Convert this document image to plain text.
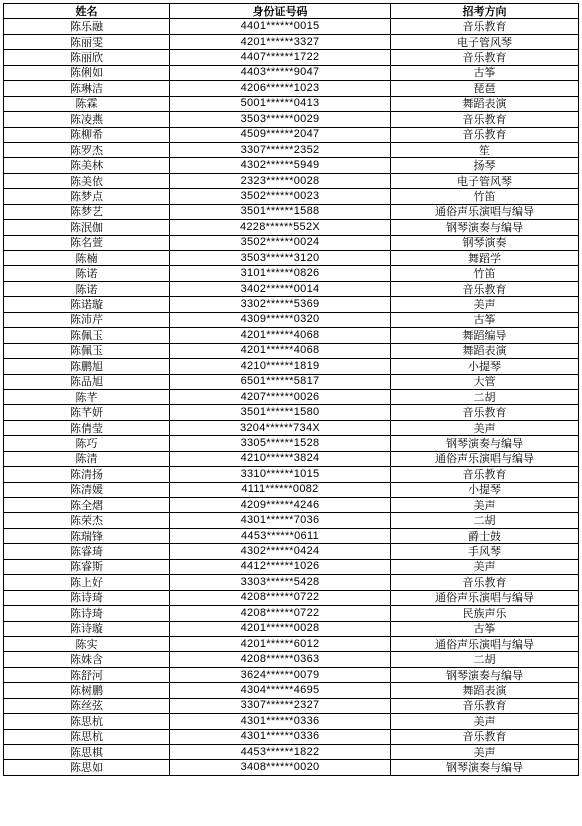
姓名	身份证号码	招考方向
陈乐融	4401******0015	音乐教育
陈丽雯	4201******3327	电子管风琴
陈丽欣	4407******1722	音乐教育
陈俐如	4403******9047	古筝
陈琳洁	4206******1023	琵琶
陈霖	5001******0413	舞蹈表演
陈凌燕	3503******0029	音乐教育
陈柳希	4509******2047	音乐教育
陈罗杰	3307******2352	笙
陈美林	4302******5949	扬琴
陈美依	2323******0028	电子管风琴
陈梦点	3502******0023	竹笛
陈梦艺	3501******1588	通俗声乐演唱与编导
陈泯伽	4228******552X	钢琴演奏与编导
陈名萱	3502******0024	钢琴演奏
陈楠	3503******3120	舞蹈学
陈诺	3101******0826	竹笛
陈诺	3402******0014	音乐教育
陈诺璇	3302******5369	美声
陈沛芹	4309******0320	古筝
陈佩玉	4201******4068	舞蹈编导
陈佩玉	4201******4068	舞蹈表演
陈鹏旭	4210******1819	小提琴
陈品旭	6501******5817	大管
陈芊	4207******0026	二胡
陈芊妍	3501******1580	音乐教育
陈倩莹	3204******734X	美声
陈巧	3305******1528	钢琴演奏与编导
陈清	4210******3824	通俗声乐演唱与编导
陈清扬	3310******1015	音乐教育
陈清媛	4111******0082	小提琴
陈全熠	4209******4246	美声
陈荣杰	4301******7036	二胡
陈瑞锋	4453******0611	爵士鼓
陈睿琦	4302******0424	手风琴
陈睿斯	4412******1026	美声
陈上好	3303******5428	音乐教育
陈诗琦	4208******0722	通俗声乐演唱与编导
陈诗琦	4208******0722	民族声乐
陈诗璇	4201******0028	古筝
陈实	4201******6012	通俗声乐演唱与编导
陈姝含	4208******0363	二胡
陈舒河	3624******0079	钢琴演奏与编导
陈树鹏	4304******4695	舞蹈表演
陈丝弦	3307******2327	音乐教育
陈思杭	4301******0336	美声
陈思杭	4301******0336	音乐教育
陈思棋	4453******1822	美声
陈思如	3408******0020	钢琴演奏与编导
